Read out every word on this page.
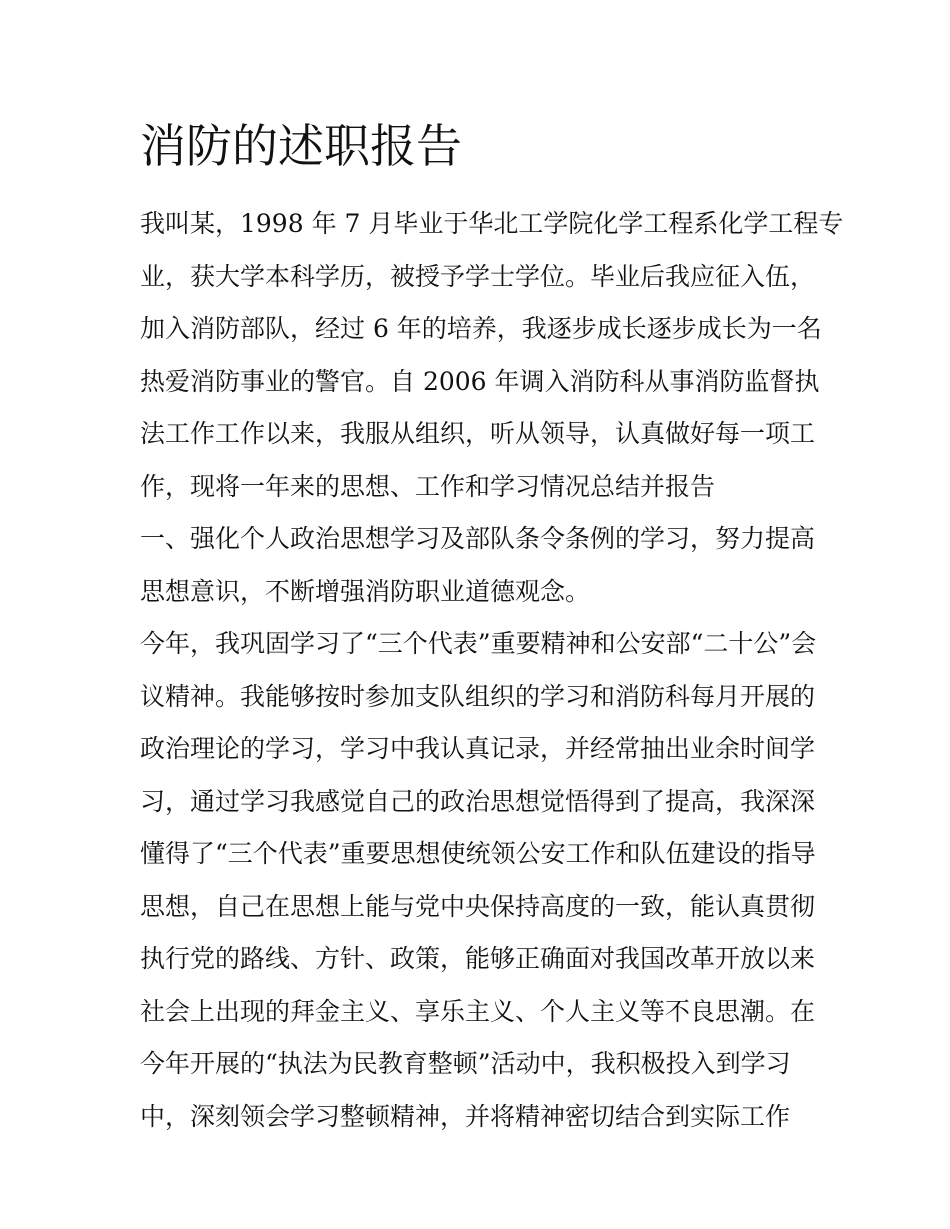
消防的述职报告
我叫某，1998 年 7 月毕业于华北工学院化学工程系化学工程专
业，获大学本科学历，被授予学士学位。毕业后我应征入伍，
加入消防部队，经过 6 年的培养，我逐步成长逐步成长为一名
热爱消防事业的警官。自 2006 年调入消防科从事消防监督执
法工作工作以来，我服从组织，听从领导，认真做好每一项工
作，现将一年来的思想、工作和学习情况总结并报告
一、强化个人政治思想学习及部队条令条例的学习，努力提高
思想意识，不断增强消防职业道德观念。
今年，我巩固学习了“三个代表”重要精神和公安部“二十公”会
议精神。我能够按时参加支队组织的学习和消防科每月开展的
政治理论的学习，学习中我认真记录，并经常抽出业余时间学
习，通过学习我感觉自己的政治思想觉悟得到了提高，我深深
懂得了“三个代表”重要思想使统领公安工作和队伍建设的指导
思想，自己在思想上能与党中央保持高度的一致，能认真贯彻
执行党的路线、方针、政策，能够正确面对我国改革开放以来
社会上出现的拜金主义、享乐主义、个人主义等不良思潮。在
今年开展的“执法为民教育整顿”活动中，我积极投入到学习
中，深刻领会学习整顿精神，并将精神密切结合到实际工作
